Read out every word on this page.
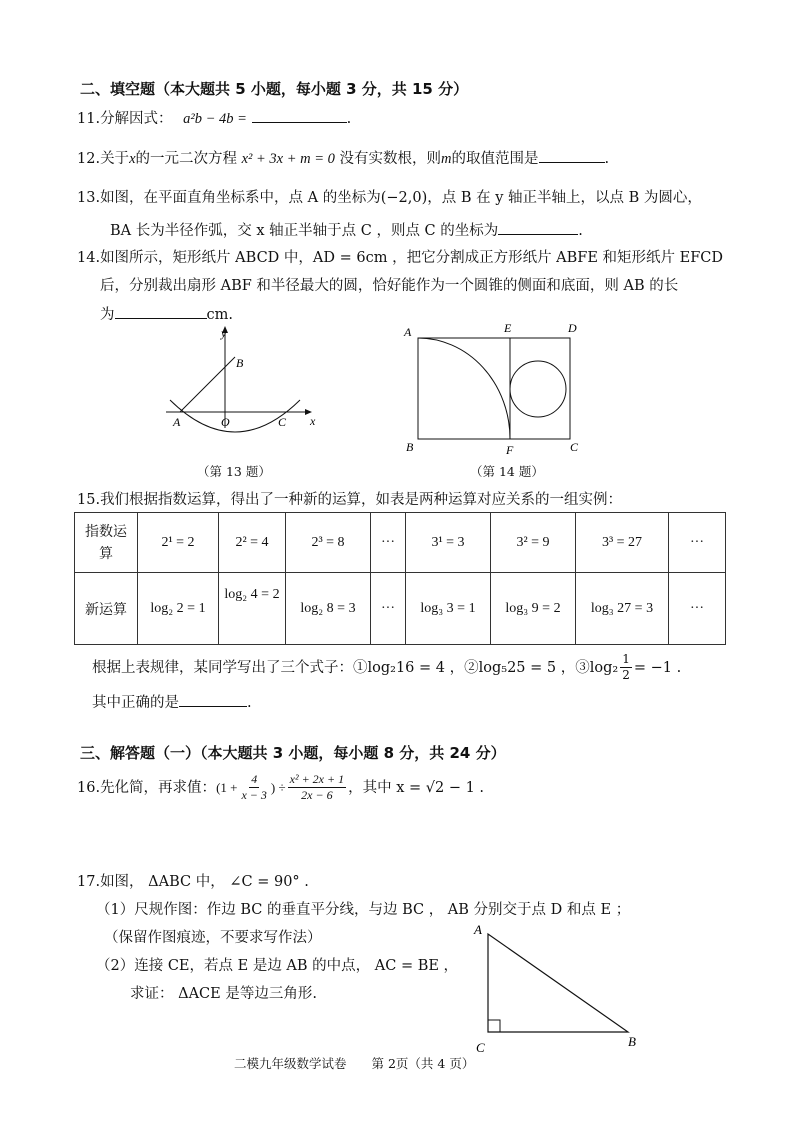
二、填空题（本大题共 5 小题，每小题 3 分，共 15 分）
11.分解因式： a²b − 4b =	.
12.关于x的一元二次方程 x² + 3x + m = 0 没有实数根，则m的取值范围是	.
13.如图，在平面直角坐标系中，点 A 的坐标为(−2,0)，点 B 在 y 轴正半轴上，以点 B 为圆心，
BA 长为半径作弧，交 x 轴正半轴于点 C ，则点 C 的坐标为	.
14.如图所示，矩形纸片 ABCD 中，AD = 6cm ，把它分割成正方形纸片 ABFE 和矩形纸片 EFCD
后，分别裁出扇形 ABF 和半径最大的圆，恰好能作为一个圆锥的侧面和底面，则 AB 的长
为	cm.
y
x
B
A	O	C
（第 13 题）
A	E	D
B	F	C
（第 14 题）
15.我们根据指数运算，得出了一种新的运算，如表是两种运算对应关系的一组实例：
指数运
算	2¹ = 2	2² = 4	2³ = 8	···	3¹ = 3	3² = 9	3³ = 27	···
新运算	log₂ 2 = 1	log₂ 4 = 2	log₂ 8 = 3	···	log₃ 3 = 1	log₃ 9 = 2	log₃ 27 = 3	···
根据上表规律，某同学写出了三个式子：①log₂16 = 4 ，②log₅25 = 5 ，③log₂ $\frac{1}{2} = -1$ .
其中正确的是	.
三、解答题（一）（本大题共 3 小题，每小题 8 分，共 24 分）
16. 先化简，再求值： ($1 + \frac{4}{x - 3}$ ) ÷ $\frac{\text{x² + 2x + 1}}{2x - 6}$ ，其中 x = √2 − 1 .
17.如图， ΔABC 中， ∠C = 90° .
（1）尺规作图：作边 BC 的垂直平分线，与边 BC ， AB 分别交于点 D 和点 E ；
（保留作图痕迹，不要求写作法）
（2）连接 CE，若点 E 是边 AB 的中点， AC = BE ，
求证： ΔACE 是等边三角形.
A
C	B
二模九年级数学试卷　　第 2页（共 4 页）
